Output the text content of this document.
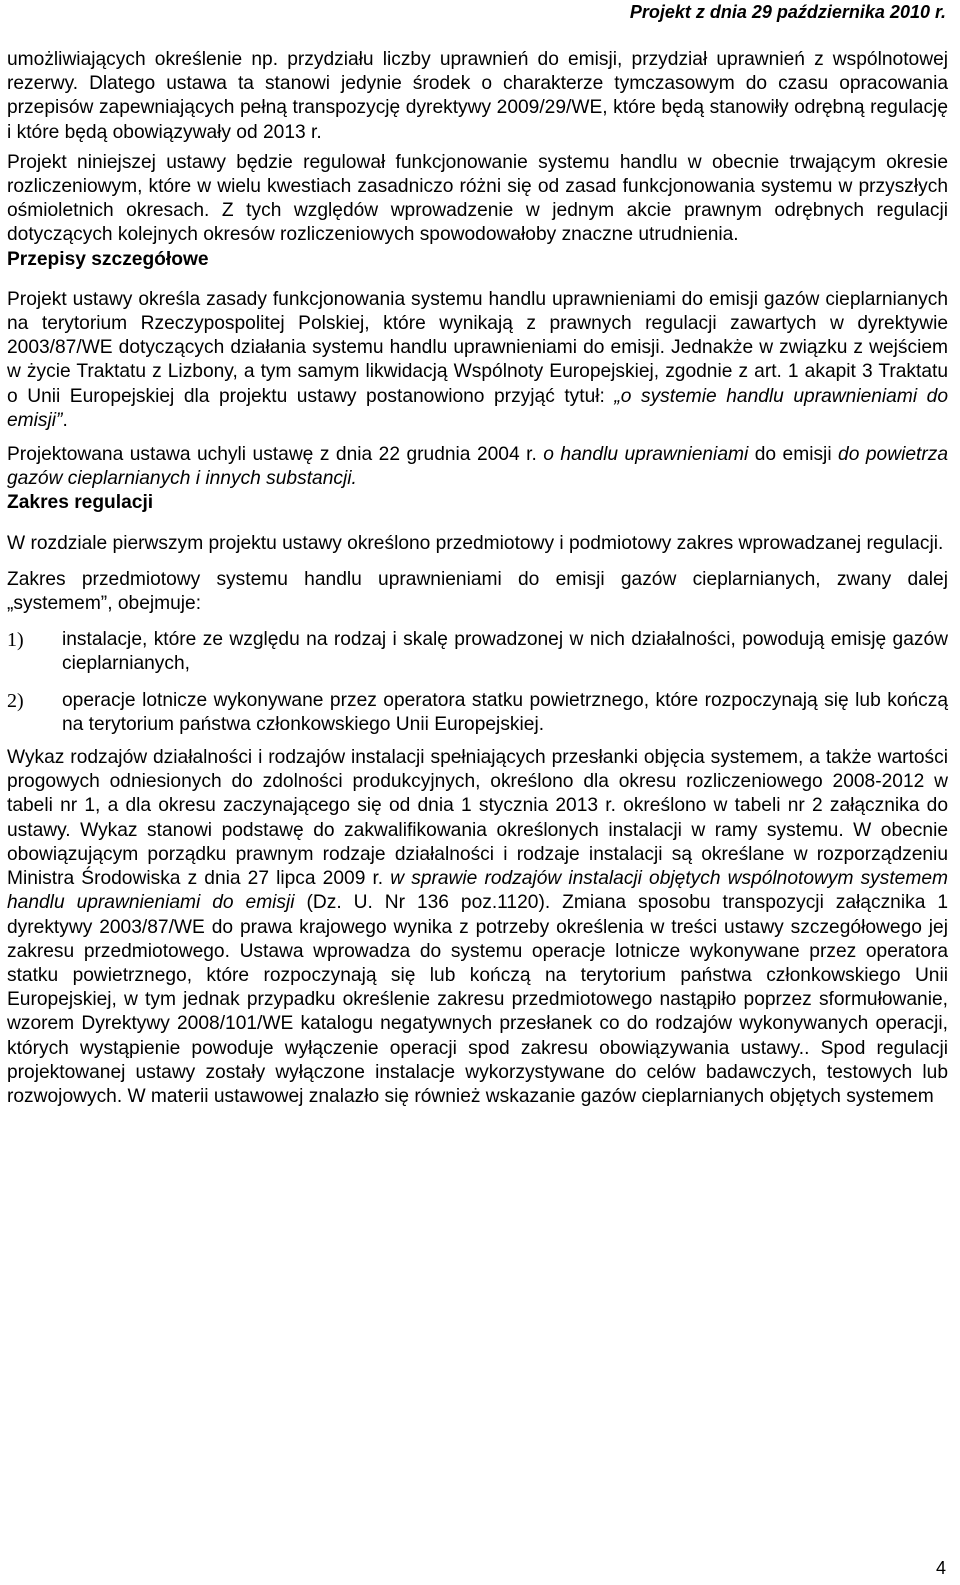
Projekt z dnia 29 października 2010 r.

umożliwiających określenie np. przydziału liczby uprawnień do emisji, przydział uprawnień z wspólnotowej rezerwy. Dlatego ustawa ta stanowi jedynie środek o charakterze tymczasowym do czasu opracowania przepisów zapewniających pełną transpozycję dyrektywy 2009/29/WE, które będą stanowiły odrębną regulację i które będą obowiązywały od 2013 r.

Projekt niniejszej ustawy będzie regulował funkcjonowanie systemu handlu w obecnie trwającym okresie rozliczeniowym, które w wielu kwestiach zasadniczo różni się od zasad funkcjonowania systemu w przyszłych ośmioletnich okresach. Z tych względów wprowadzenie w jednym akcie prawnym odrębnych regulacji dotyczących kolejnych okresów rozliczeniowych spowodowałoby znaczne utrudnienia.

Przepisy szczegółowe

Projekt ustawy określa zasady funkcjonowania systemu handlu uprawnieniami do emisji gazów cieplarnianych na terytorium Rzeczypospolitej Polskiej, które wynikają z prawnych regulacji zawartych w dyrektywie 2003/87/WE dotyczących działania systemu handlu uprawnieniami do emisji. Jednakże w związku z wejściem w życie Traktatu z Lizbony, a tym samym likwidacją Wspólnoty Europejskiej, zgodnie z art. 1 akapit 3 Traktatu o Unii Europejskiej dla projektu ustawy postanowiono przyjąć tytuł: „o systemie handlu uprawnieniami do emisji”.

Projektowana ustawa uchyli ustawę z dnia 22 grudnia 2004 r. o handlu uprawnieniami do emisji do powietrza gazów cieplarnianych i innych substancji.

Zakres regulacji

W rozdziale pierwszym projektu ustawy określono przedmiotowy i podmiotowy zakres wprowadzanej regulacji.

Zakres przedmiotowy systemu handlu uprawnieniami do emisji gazów cieplarnianych, zwany dalej „systemem”, obejmuje:

1)	instalacje, które ze względu na rodzaj i skalę prowadzonej w nich działalności, powodują emisję gazów cieplarnianych,
2)	operacje lotnicze wykonywane przez operatora statku powietrznego, które rozpoczynają się lub kończą na terytorium państwa członkowskiego Unii Europejskiej.

Wykaz rodzajów działalności i rodzajów instalacji spełniających przesłanki objęcia systemem, a także wartości progowych odniesionych do zdolności produkcyjnych, określono dla okresu rozliczeniowego 2008-2012 w tabeli nr 1, a dla okresu zaczynającego się od dnia 1 stycznia 2013 r. określono w tabeli nr 2 załącznika do ustawy. Wykaz stanowi podstawę do zakwalifikowania określonych instalacji w ramy systemu. W obecnie obowiązującym porządku prawnym rodzaje działalności i rodzaje instalacji są określane w rozporządzeniu Ministra Środowiska z dnia 27 lipca 2009 r. w sprawie rodzajów instalacji objętych wspólnotowym systemem handlu uprawnieniami do emisji (Dz. U. Nr 136 poz.1120). Zmiana sposobu transpozycji załącznika 1 dyrektywy 2003/87/WE do prawa krajowego wynika z potrzeby określenia w treści ustawy szczegółowego jej zakresu przedmiotowego. Ustawa wprowadza do systemu operacje lotnicze wykonywane przez operatora statku powietrznego, które rozpoczynają się lub kończą na terytorium państwa członkowskiego Unii Europejskiej, w tym jednak przypadku określenie zakresu przedmiotowego nastąpiło poprzez sformułowanie, wzorem Dyrektywy 2008/101/WE katalogu negatywnych przesłanek co do rodzajów wykonywanych operacji, których wystąpienie powoduje wyłączenie operacji spod zakresu obowiązywania ustawy.. Spod regulacji projektowanej ustawy zostały wyłączone instalacje wykorzystywane do celów badawczych, testowych lub rozwojowych. W materii ustawowej znalazło się również wskazanie gazów cieplarnianych objętych systemem

4
